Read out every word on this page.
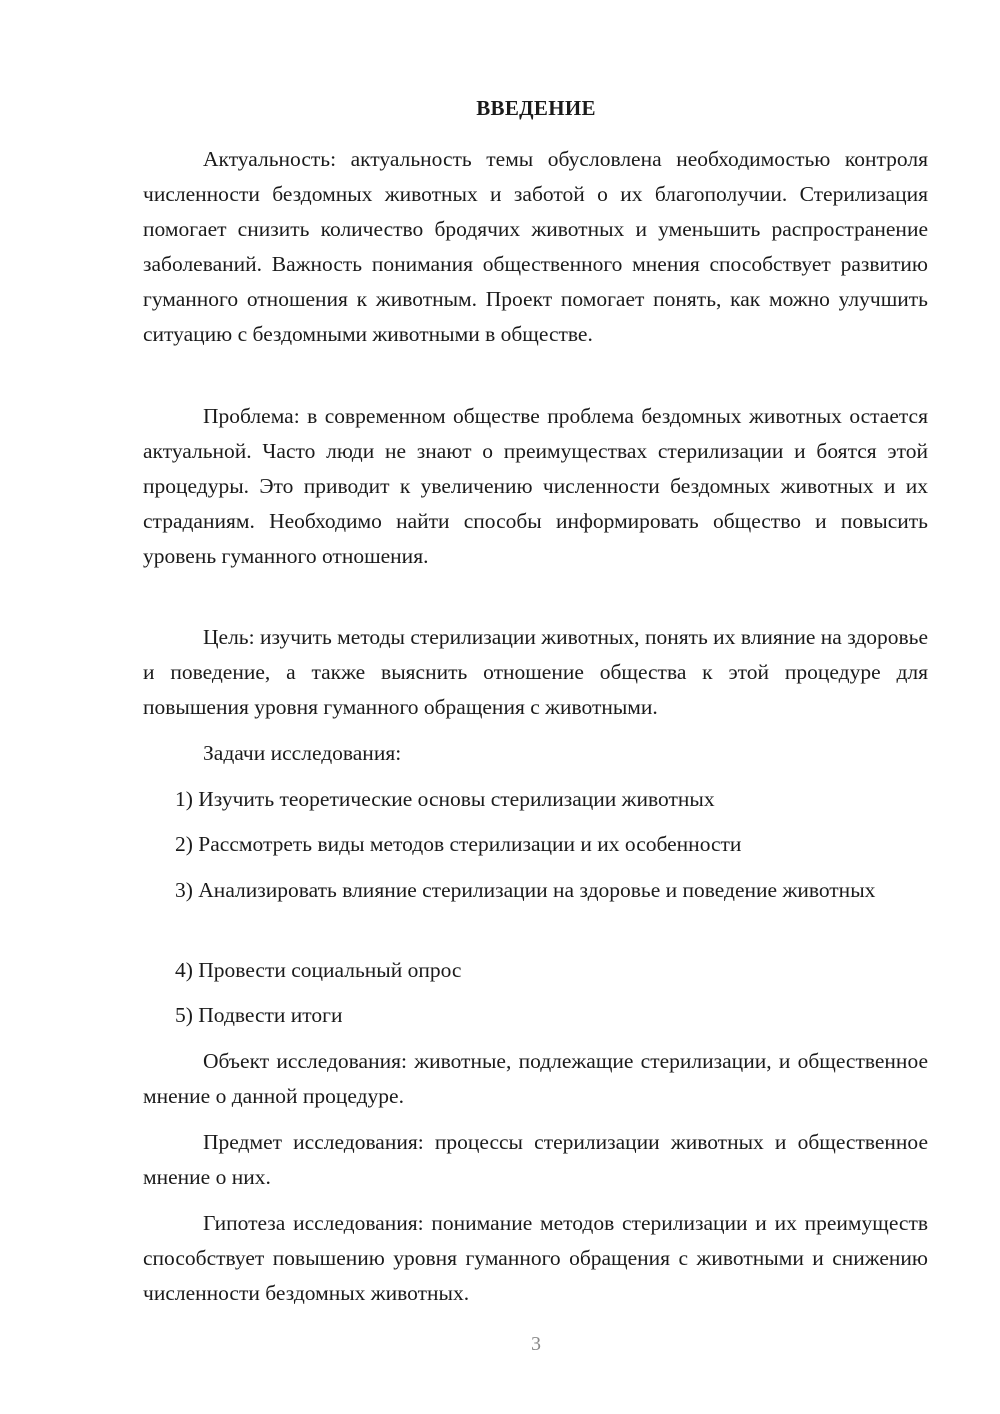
ВВЕДЕНИЕ

Актуальность: актуальность темы обусловлена необходимостью контроля численности бездомных животных и заботой о их благополучии. Стерилизация помогает снизить количество бродячих животных и уменьшить распространение заболеваний. Важность понимания общественного мнения способствует развитию гуманного отношения к животным. Проект помогает понять, как можно улучшить ситуацию с бездомными животными в обществе.

Проблема: в современном обществе проблема бездомных животных остается актуальной. Часто люди не знают о преимуществах стерилизации и боятся этой процедуры. Это приводит к увеличению численности бездомных животных и их страданиям. Необходимо найти способы информировать общество и повысить уровень гуманного отношения.

Цель: изучить методы стерилизации животных, понять их влияние на здоровье и поведение, а также выяснить отношение общества к этой процедуре для повышения уровня гуманного обращения с животными.

Задачи исследования:

1) Изучить теоретические основы стерилизации животных

2) Рассмотреть виды методов стерилизации и их особенности

3) Анализировать влияние стерилизации на здоровье и поведение животных

4) Провести социальный опрос

5) Подвести итоги

Объект исследования: животные, подлежащие стерилизации, и общественное мнение о данной процедуре.

Предмет исследования: процессы стерилизации животных и общественное мнение о них.

Гипотеза исследования: понимание методов стерилизации и их преимуществ способствует повышению уровня гуманного обращения с животными и снижению численности бездомных животных.

3
